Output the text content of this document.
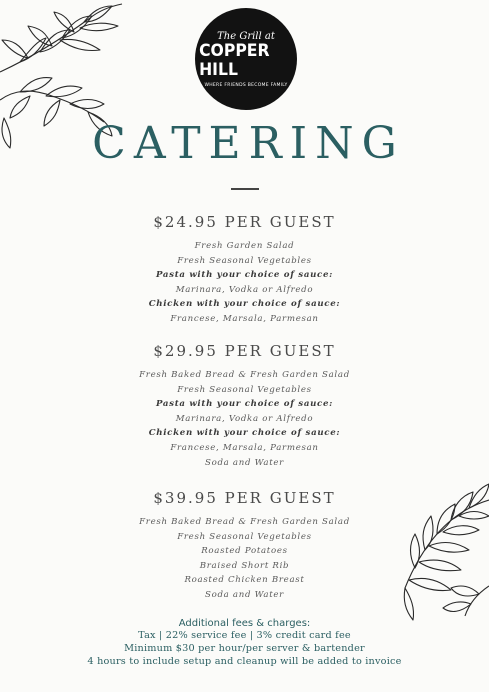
The Grill at
COPPER HILL
WHERE FRIENDS BECOME FAMILY
CATERING
$24.95 PER GUEST
Fresh Garden Salad
Fresh Seasonal Vegetables
Pasta with your choice of sauce:
Marinara, Vodka or Alfredo
Chicken with your choice of sauce:
Francese, Marsala, Parmesan
$29.95 PER GUEST
Fresh Baked Bread & Fresh Garden Salad
Fresh Seasonal Vegetables
Pasta with your choice of sauce:
Marinara, Vodka or Alfredo
Chicken with your choice of sauce:
Francese, Marsala, Parmesan
Soda and Water
$39.95 PER GUEST
Fresh Baked Bread & Fresh Garden Salad
Fresh Seasonal Vegetables
Roasted Potatoes
Braised Short Rib
Roasted Chicken Breast
Soda and Water
Additional fees & charges:
Tax | 22% service fee | 3% credit card fee
Minimum $30 per hour/per server & bartender
4 hours to include setup and cleanup will be added to invoice
